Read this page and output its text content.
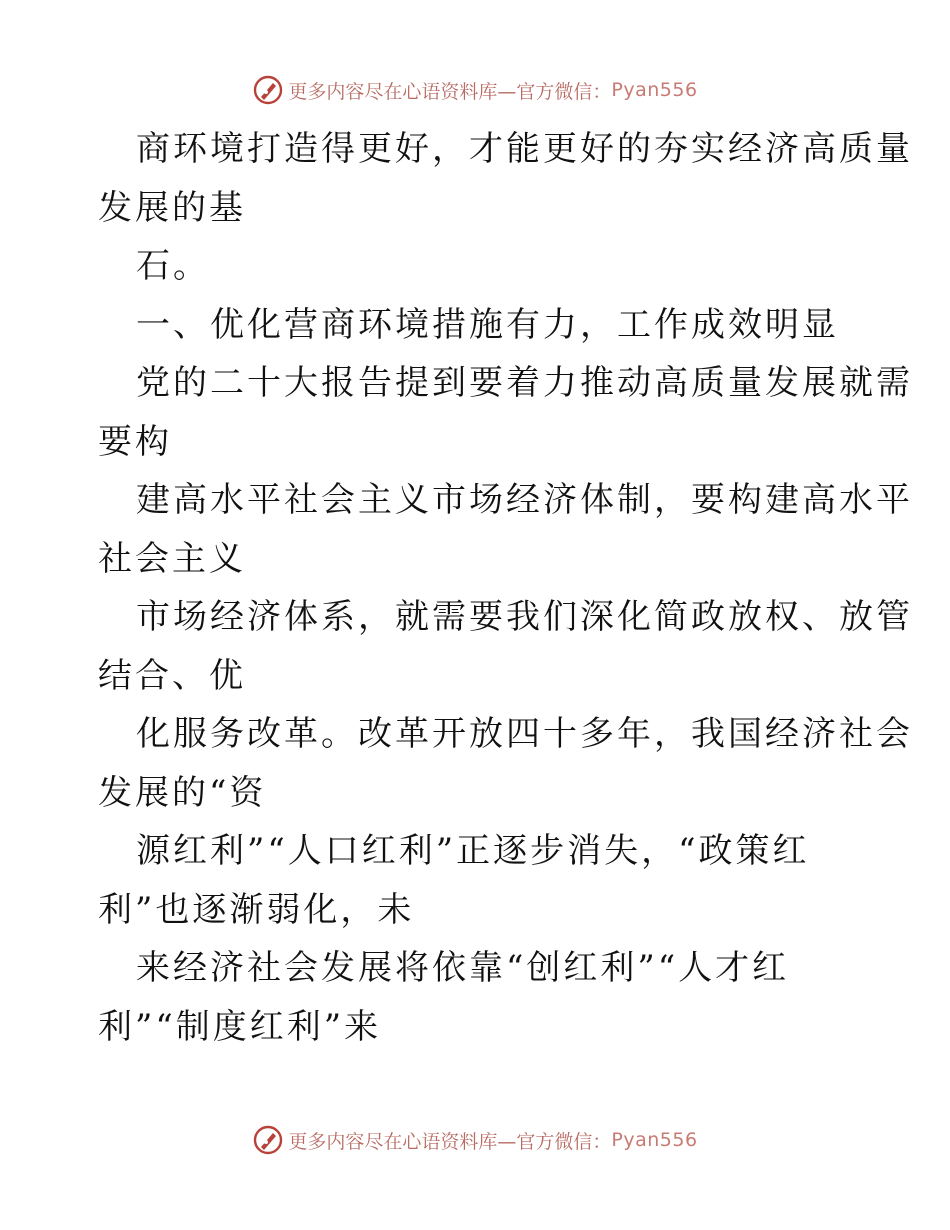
更多内容尽在心语资料库—官方微信： Pyan556
商环境打造得更好，才能更好的夯实经济高质量
发展的基
石。
一、优化营商环境措施有力，工作成效明显
党的二十大报告提到要着力推动高质量发展就需
要构
建高水平社会主义市场经济体制，要构建高水平
社会主义
市场经济体系，就需要我们深化简政放权、放管
结合、优
化服务改革。改革开放四十多年，我国经济社会
发展的“资
源红利”“人口红利”正逐步消失，“政策红
利”也逐渐弱化，未
来经济社会发展将依靠“创红利”“人才红
利”“制度红利”来
更多内容尽在心语资料库—官方微信： Pyan556
